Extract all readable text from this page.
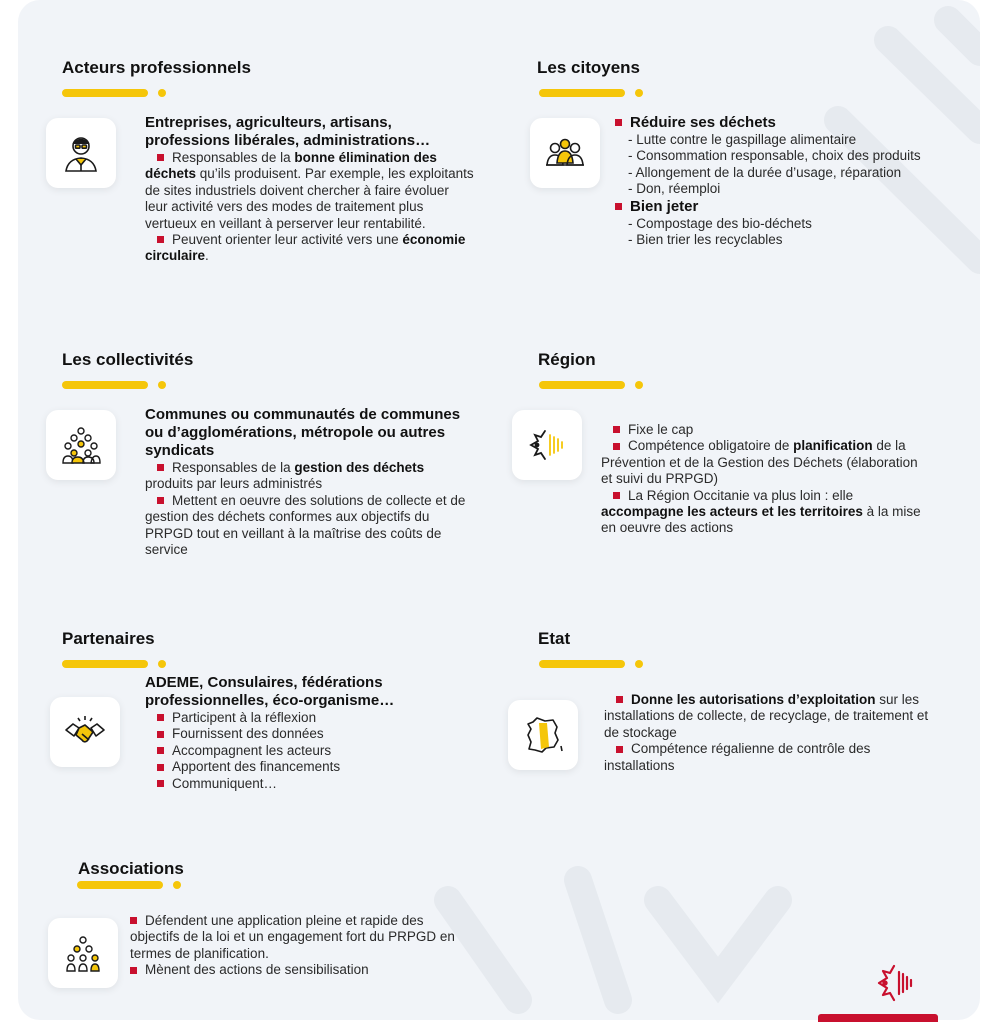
Acteurs professionnels
Entreprises, agriculteurs, artisans, professions libérales, administrations…
Responsables de la bonne élimination des déchets qu’ils produisent. Par exemple, les exploitants de sites industriels doivent chercher à faire évoluer leur activité vers des modes de traitement plus vertueux en veillant à perserver leur rentabilité.
Peuvent orienter leur activité vers une économie circulaire.
Les citoyens
Réduire ses déchets
- Lutte contre le gaspillage alimentaire
- Consommation responsable, choix des produits
- Allongement de la durée d’usage, réparation
- Don, réemploi
Bien jeter
- Compostage des bio-déchets
- Bien trier les recyclables
Les collectivités
Communes ou communautés de communes ou d’agglomérations, métropole ou autres syndicats
Responsables de la gestion des déchets produits par leurs administrés
Mettent en oeuvre des solutions de collecte et de gestion des déchets conformes aux objectifs du PRPGD tout en veillant à la maîtrise des coûts de service
Région
Fixe le cap
Compétence obligatoire de planification de la Prévention et de la Gestion des Déchets (élaboration et suivi du PRPGD)
La Région Occitanie va plus loin : elle accompagne les acteurs et les territoires à la mise en oeuvre des actions
Partenaires
ADEME, Consulaires, fédérations professionnelles, éco-organisme…
Participent à la réflexion
Fournissent des données
Accompagnent les acteurs
Apportent des financements
Communiquent…
Etat
Donne les autorisations d’exploitation sur les installations de collecte, de recyclage, de traitement et de stockage
Compétence régalienne de contrôle des installations
Associations
Défendent une application pleine et rapide des objectifs de la loi et un engagement fort du PRPGD en termes de planification.
Mènent des actions de sensibilisation
